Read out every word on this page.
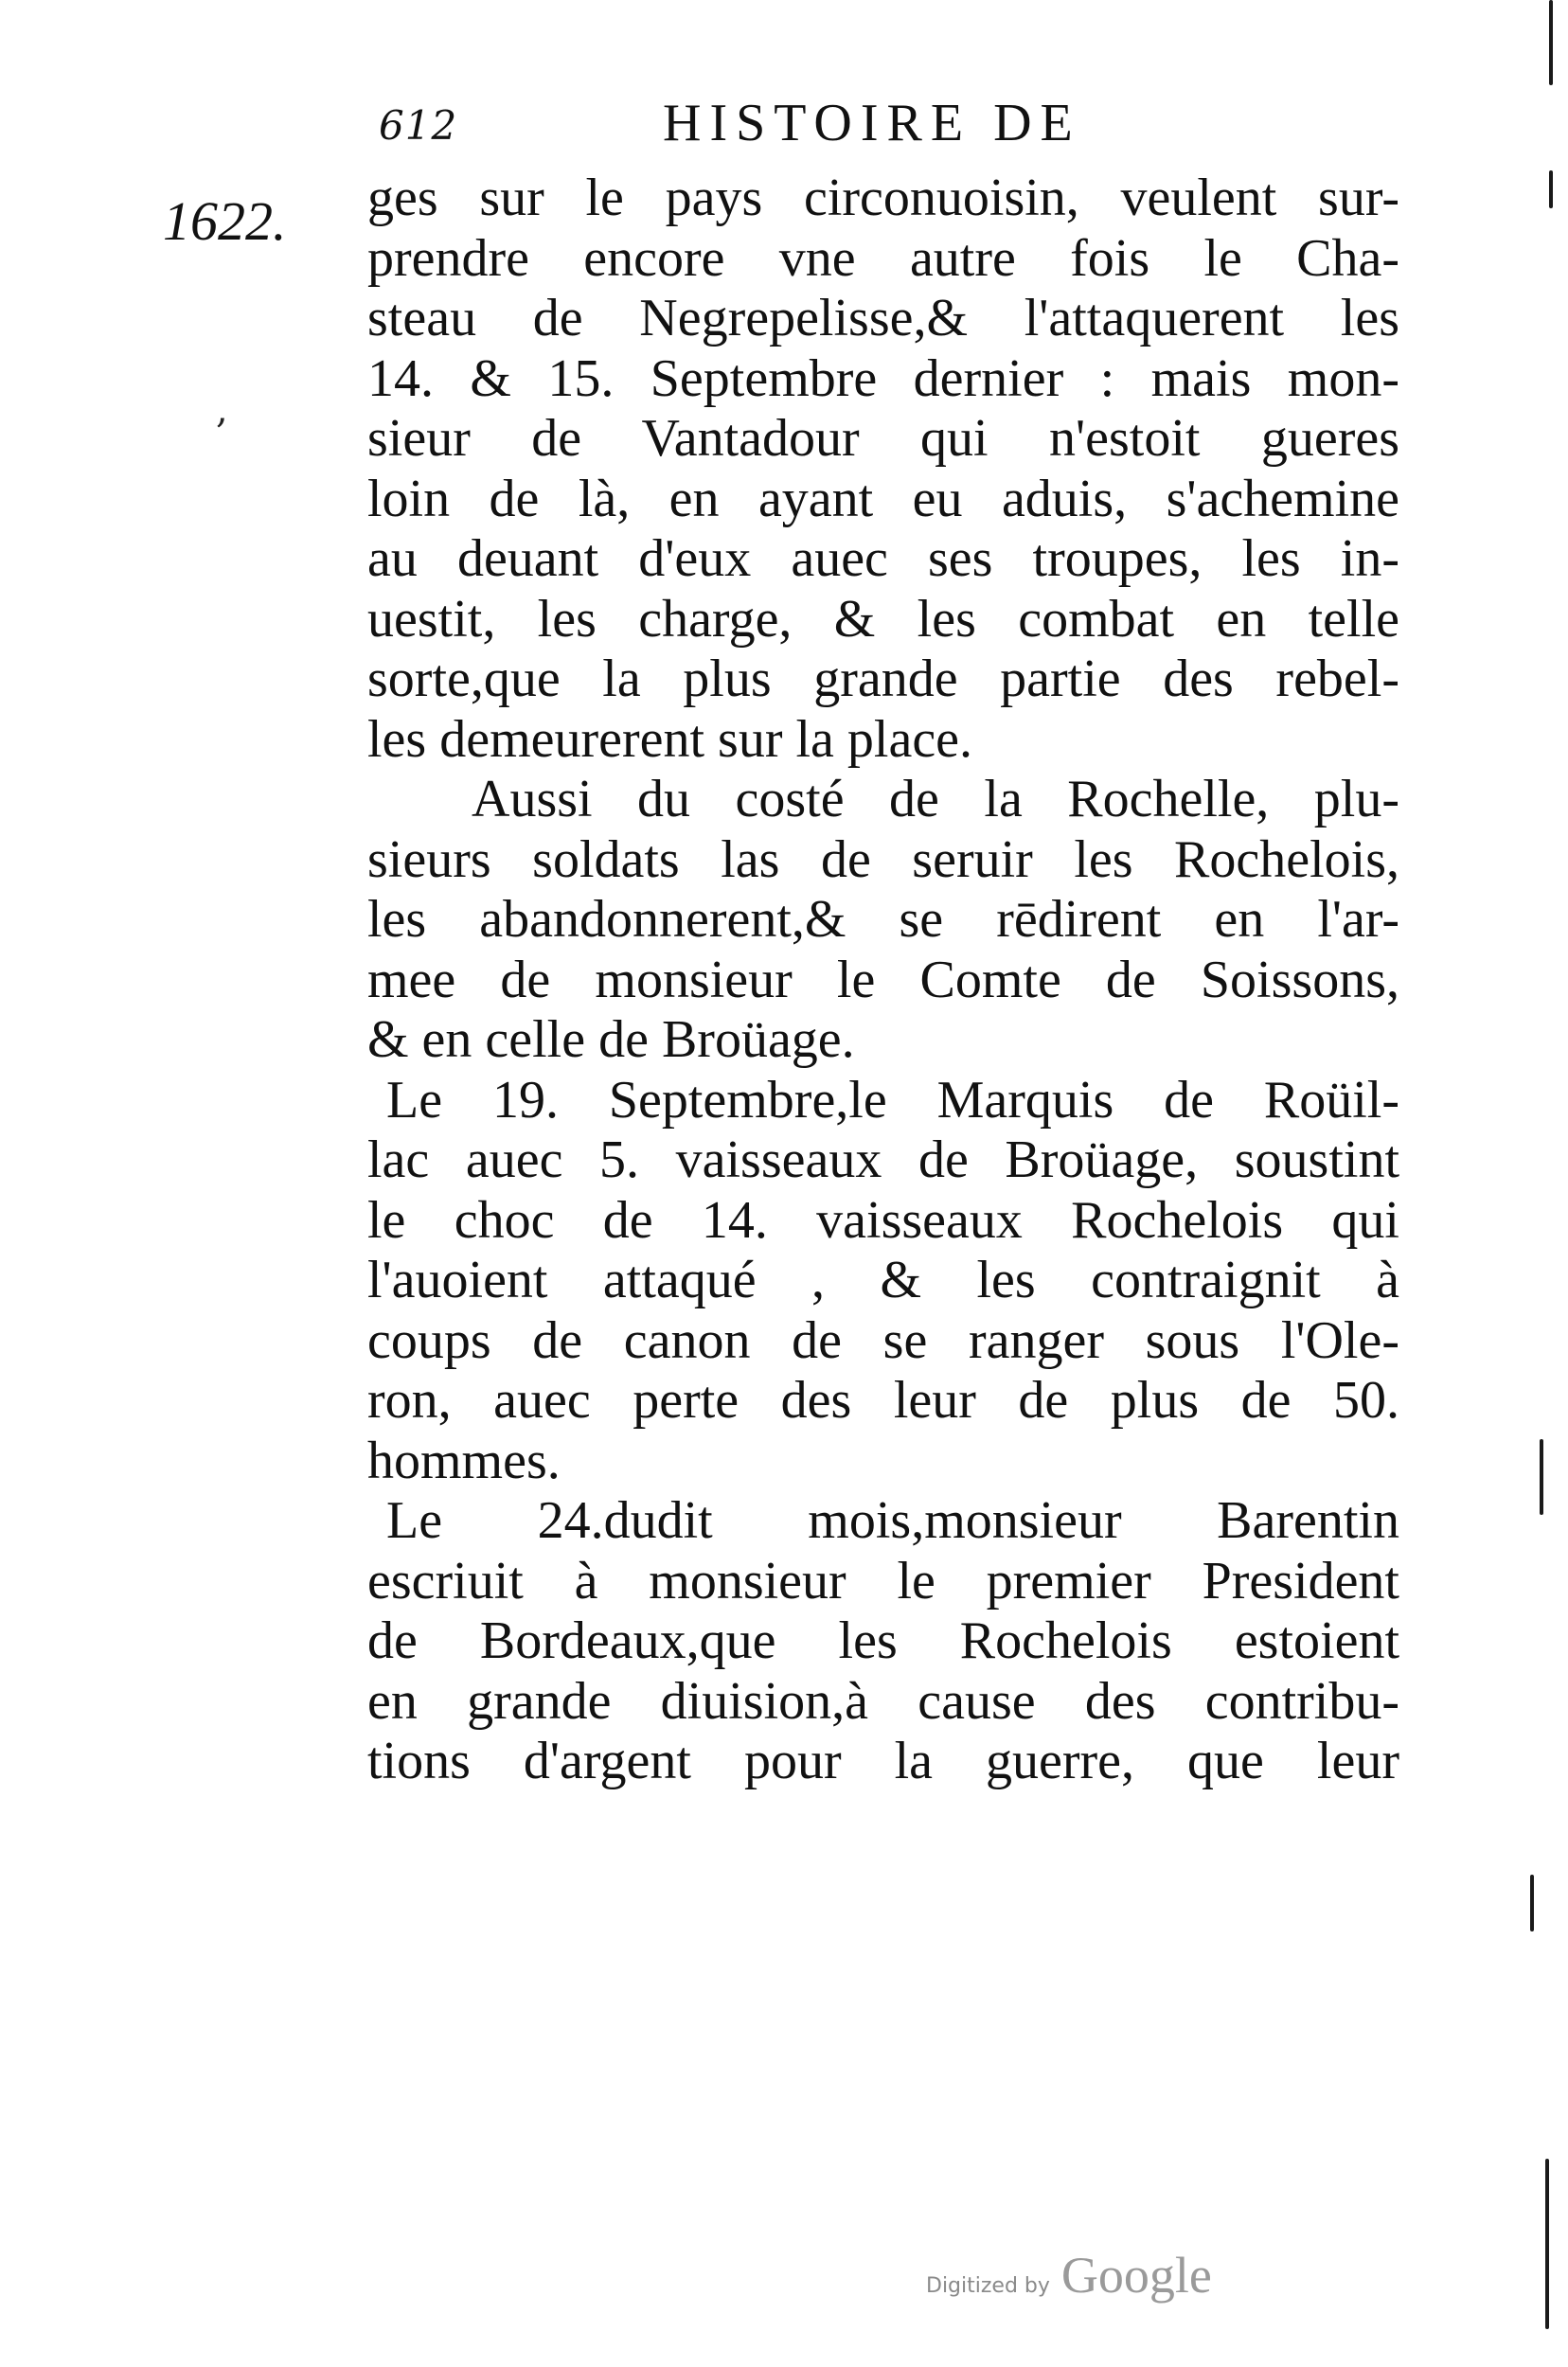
612	HISTOIRE DE
1622.
,
ges sur le pays circonuoisin, veulent sur-
prendre encore vne autre fois le Cha-
steau de Negrepelisse,& l'attaquerent les
14. & 15. Septembre dernier : mais mon-
sieur de Vantadour qui n'estoit gueres
loin de là, en ayant eu aduis, s'achemine
au deuant d'eux auec ses troupes, les in-
uestit, les charge, & les combat en telle
sorte,que la plus grande partie des rebel-
les demeurerent sur la place.
Aussi du costé de la Rochelle, plu-
sieurs soldats las de seruir les Rochelois,
les abandonnerent,& se rēdirent en l'ar-
mee de monsieur le Comte de Soissons,
& en celle de Broüage.
Le 19. Septembre,le Marquis de Roüil-
lac auec 5. vaisseaux de Broüage, soustint
le choc de 14. vaisseaux Rochelois qui
l'auoient attaqué , & les contraignit à
coups de canon de se ranger sous l'Ole-
ron, auec perte des leur de plus de 50.
hommes.
Le 24.dudit mois,monsieur Barentin
escriuit à monsieur le premier President
de Bordeaux,que les Rochelois estoient
en grande diuision,à cause des contribu-
tions d'argent pour la guerre, que leur
Digitized by Google
